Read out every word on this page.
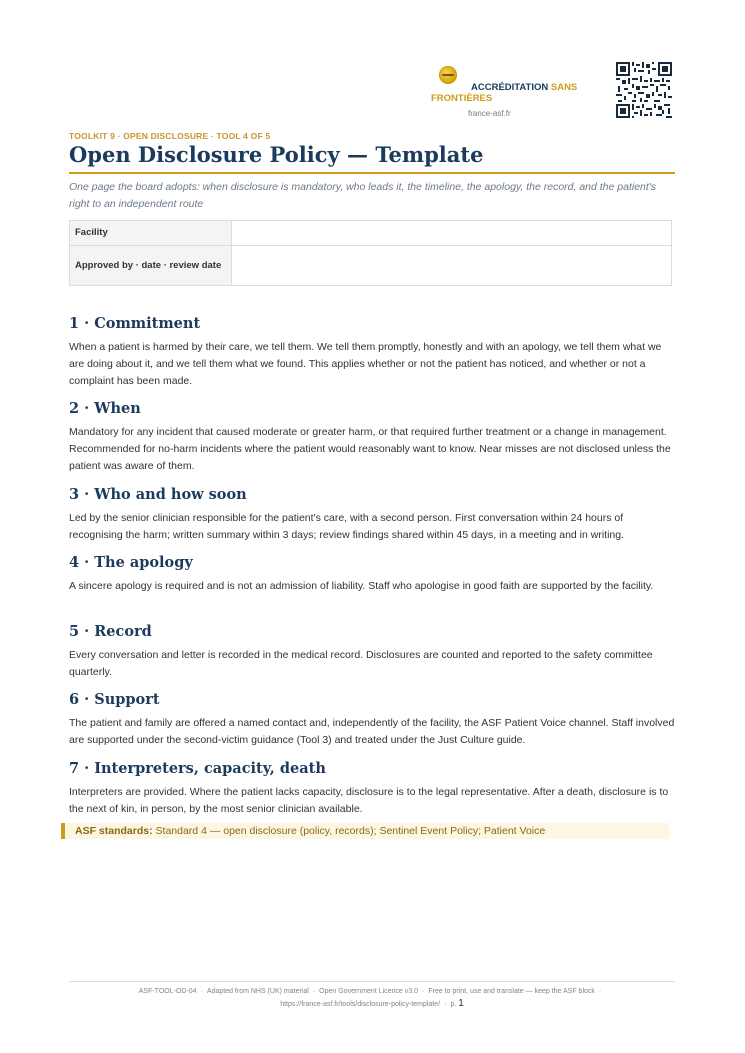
ACCRÉDITATION SANS FRONTIÈRES
france-asf.fr
TOOLKIT 9 · OPEN DISCLOSURE · TOOL 4 OF 5
Open Disclosure Policy — Template

One page the board adopts: when disclosure is mandatory, who leads it, the timeline, the apology, the record, and the patient's right to an independent route

Facility	
Approved by · date · review date	
1 · Commitment

When a patient is harmed by their care, we tell them. We tell them promptly, honestly and with an apology, we tell them what we are doing about it, and we tell them what we found. This applies whether or not the patient has noticed, and whether or not a complaint has been made.

2 · When

Mandatory for any incident that caused moderate or greater harm, or that required further treatment or a change in management. Recommended for no-harm incidents where the patient would reasonably want to know. Near misses are not disclosed unless the patient was aware of them.

3 · Who and how soon

Led by the senior clinician responsible for the patient's care, with a second person. First conversation within 24 hours of recognising the harm; written summary within 3 days; review findings shared within 45 days, in a meeting and in writing.

4 · The apology

A sincere apology is required and is not an admission of liability. Staff who apologise in good faith are supported by the facility.

5 · Record

Every conversation and letter is recorded in the medical record. Disclosures are counted and reported to the safety committee quarterly.

6 · Support

The patient and family are offered a named contact and, independently of the facility, the ASF Patient Voice channel. Staff involved are supported under the second-victim guidance (Tool 3) and treated under the Just Culture guide.

7 · Interpreters, capacity, death

Interpreters are provided. Where the patient lacks capacity, disclosure is to the legal representative. After a death, disclosure is to the next of kin, in person, by the most senior clinician available.

ASF standards: Standard 4 — open disclosure (policy, records); Sentinel Event Policy; Patient Voice
ASF-TOOL-OD-04 · Adapted from NHS (UK) material · Open Government Licence v3.0 · Free to print, use and translate — keep the ASF block ·
https://france-asf.fr/tools/disclosure-policy-template/ · p. 1
